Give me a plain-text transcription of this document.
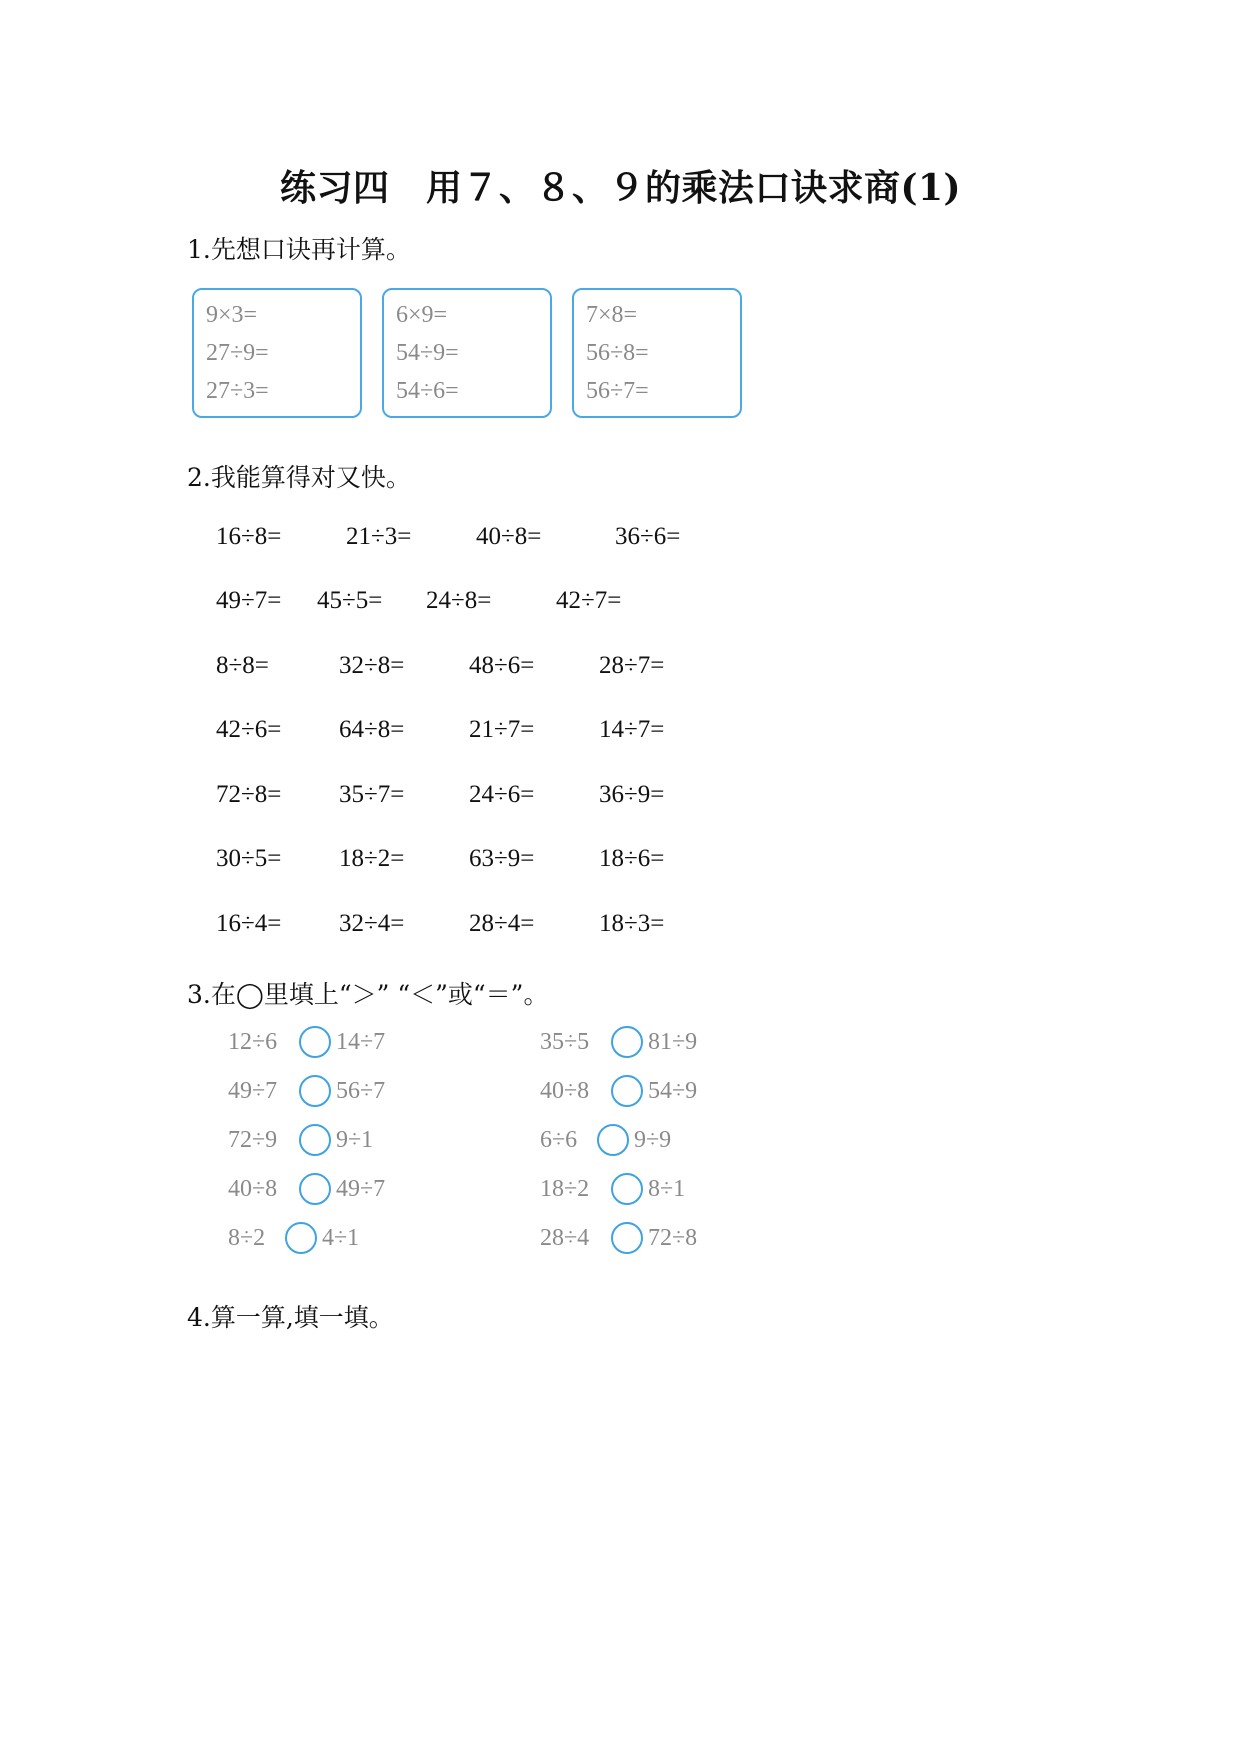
练习四　用７、８、９的乘法口诀求商(1)
1.先想口诀再计算。
9×3=
27÷9=
27÷3=
6×9=
54÷9=
54÷6=
7×8=
56÷8=
56÷7=
2.我能算得对又快。
16÷8=	21÷3=	40÷8=	36÷6=
49÷7= 45÷5= 24÷8=	42÷7=
8÷8=	32÷8=	48÷6=	28÷7=
42÷6= 64÷8=	21÷7=	14÷7=
72÷8= 35÷7=	24÷6=	36÷9=
30÷5= 18÷2=	63÷9=	18÷6=
16÷4= 32÷4=	28÷4=	18÷3=
3.在◯里填上“＞” “＜”或“＝”。
12÷6 14÷7
49÷7 56÷7
72÷9 9÷1
40÷8 49÷7
8÷2 4÷1
35÷5 81÷9
40÷8 54÷9
6÷6 9÷9
18÷2 8÷1
28÷4 72÷8
4.算一算,填一填。
